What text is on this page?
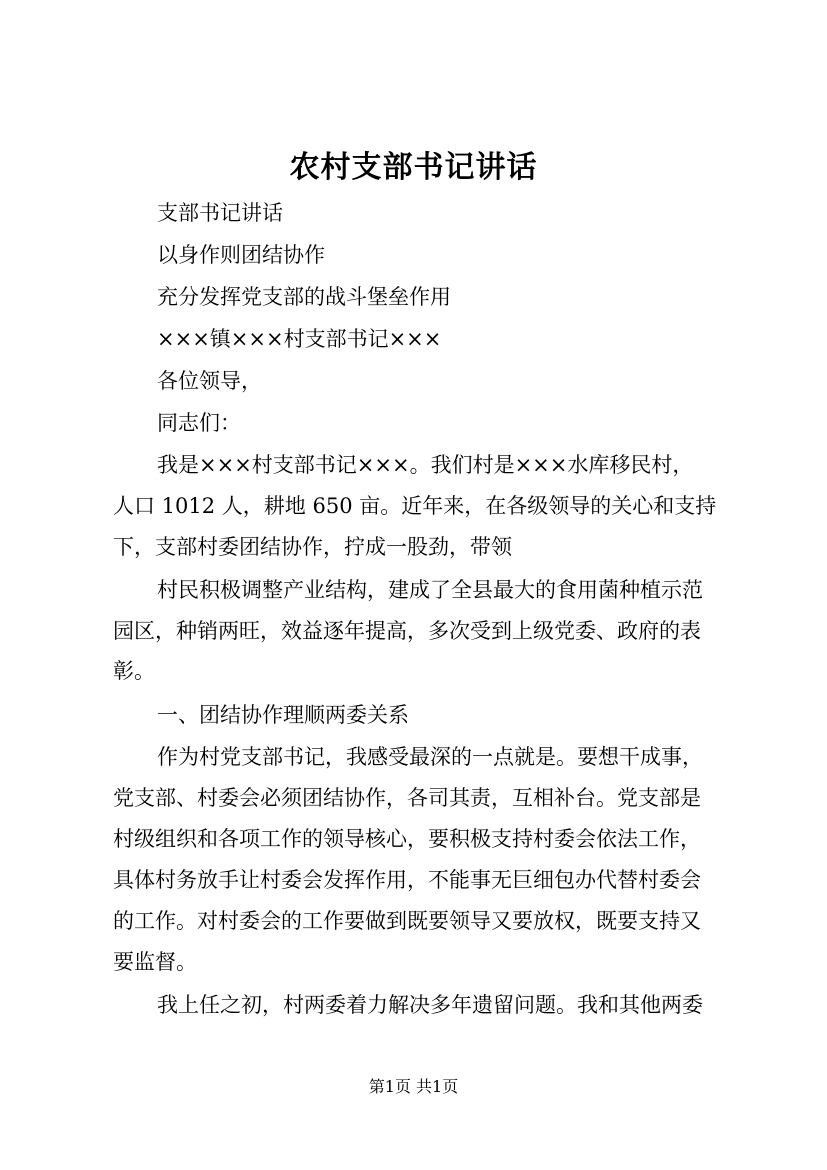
农村支部书记讲话
支部书记讲话
以身作则团结协作
充分发挥党支部的战斗堡垒作用
×××镇×××村支部书记×××
各位领导，
同志们：
我是×××村支部书记×××。我们村是×××水库移民村，
人口 1012 人，耕地 650 亩。近年来，在各级领导的关心和支持
下，支部村委团结协作，拧成一股劲，带领
村民积极调整产业结构，建成了全县最大的食用菌种植示范
园区，种销两旺，效益逐年提高，多次受到上级党委、政府的表
彰。
一、团结协作理顺两委关系
作为村党支部书记，我感受最深的一点就是。要想干成事，
党支部、村委会必须团结协作，各司其责，互相补台。党支部是
村级组织和各项工作的领导核心，要积极支持村委会依法工作，
具体村务放手让村委会发挥作用，不能事无巨细包办代替村委会
的工作。对村委会的工作要做到既要领导又要放权，既要支持又
要监督。
我上任之初，村两委着力解决多年遗留问题。我和其他两委
第1页 共1页
